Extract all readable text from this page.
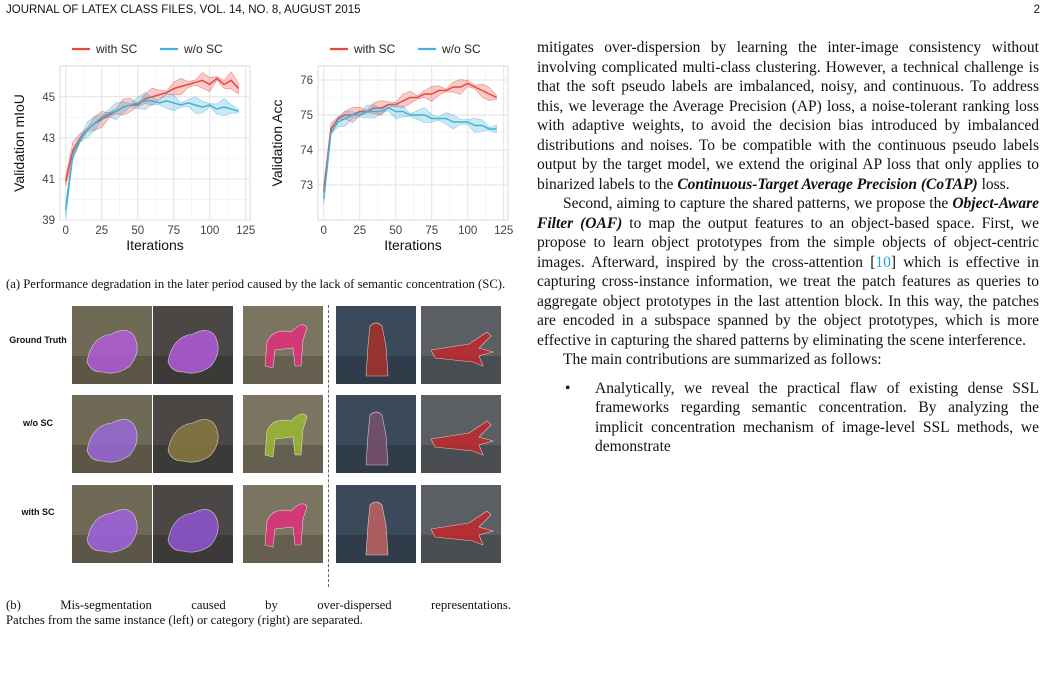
JOURNAL OF LATEX CLASS FILES, VOL. 14, NO. 8, AUGUST 2015	2
0 25 50 75 100 125
39
41
43
45
Iterations
Validation mIoU
with SC	w/o SC
0 25 50 75 100 125
73
74
75
76
Iterations
Validation Acc
with SC	w/o SC
(a) Performance degradation in the later period caused by the lack of semantic concentration (SC).
Ground Truth
w/o SC
with SC
(b) Mis-segmentation caused by over-dispersed representations.
Patches from the same instance (left) or category (right) are separated.

mitigates over-dispersion by learning the inter-image consistency without involving complicated multi-class clustering. However, a technical challenge is that the soft pseudo labels are imbalanced, noisy, and continuous. To address this, we leverage the Average Precision (AP) loss, a noise-tolerant ranking loss with adaptive weights, to avoid the decision bias introduced by imbalanced distributions and noises. To be compatible with the continuous pseudo labels output by the target model, we extend the original AP loss that only applies to binarized labels to the Continuous-Target Average Precision (CoTAP) loss.

Second, aiming to capture the shared patterns, we propose the Object-Aware Filter (OAF) to map the output features to an object-based space. First, we propose to learn object prototypes from the simple objects of object-centric images. Afterward, inspired by the cross-attention [10] which is effective in capturing cross-instance information, we treat the patch features as queries to aggregate object prototypes in the last attention block. In this way, the patches are encoded in a subspace spanned by the object prototypes, which is more effective in capturing the shared patterns by eliminating the scene interference.

The main contributions are summarized as follows:

• Analytically, we reveal the practical flaw of existing dense SSL frameworks regarding semantic concentration. By analyzing the implicit concentration mechanism of image-level SSL methods, we demonstrate
